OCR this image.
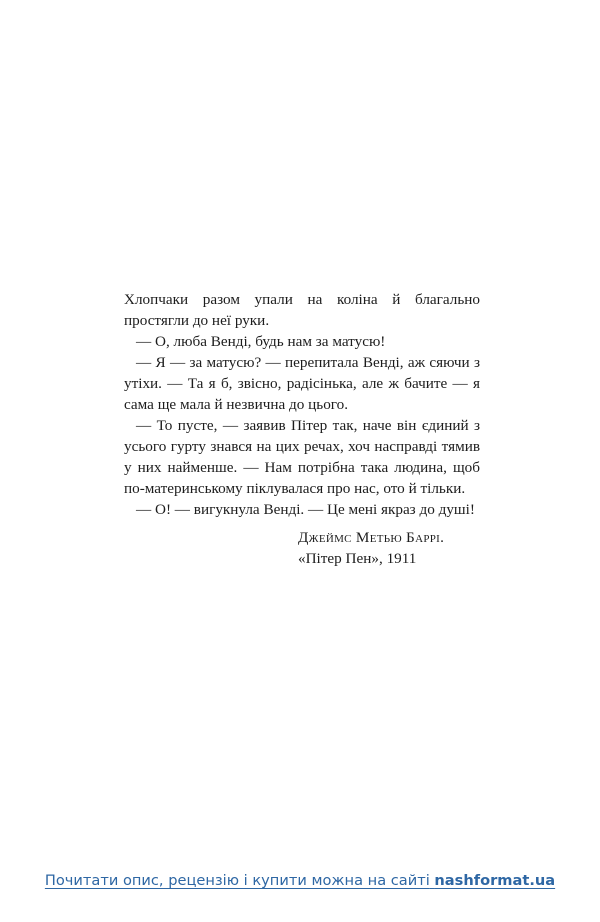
Хлопчаки разом упали на коліна й благально простягли до неї руки.

— О, люба Венді, будь нам за матусю!

— Я — за матусю? — перепитала Венді, аж сяючи з утіхи. — Та я б, звісно, радісінька, але ж бачите — я сама ще мала й незвична до цього.

— То пусте, — заявив Пітер так, наче він єдиний з усього гурту знався на цих речах, хоч насправді тямив у них найменше. — Нам потрібна така людина, щоб по-материнському піклувалася про нас, ото й тільки.

— О! — вигукнула Венді. — Це мені якраз до душі!

Джеймс Метью Баррі.
«Пітер Пен», 1911
Почитати опис, рецензію і купити можна на сайті nashformat.ua
